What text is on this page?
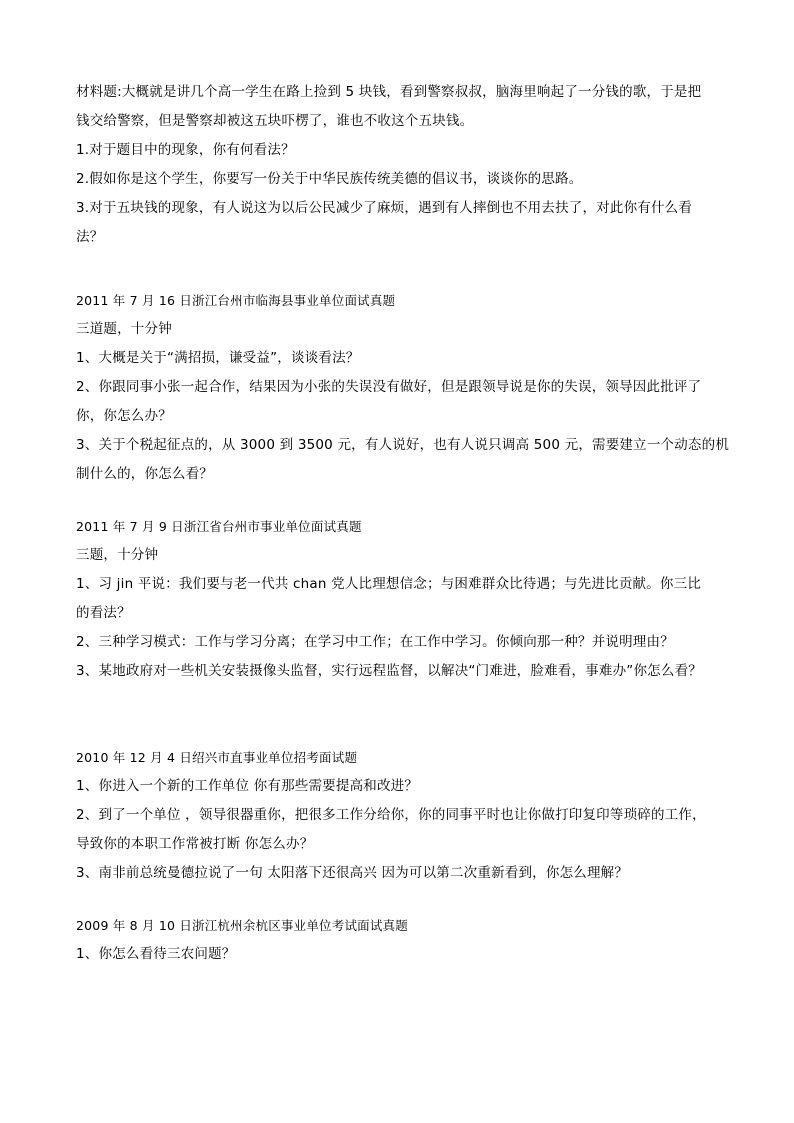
材料题:大概就是讲几个高一学生在路上捡到 5 块钱，看到警察叔叔，脑海里响起了一分钱的歌，于是把
钱交给警察，但是警察却被这五块吓楞了，谁也不收这个五块钱。
1.对于题目中的现象，你有何看法？
2.假如你是这个学生，你要写一份关于中华民族传统美德的倡议书，谈谈你的思路。
3.对于五块钱的现象，有人说这为以后公民减少了麻烦，遇到有人摔倒也不用去扶了，对此你有什么看
法？
2011 年 7 月 16 日浙江台州市临海县事业单位面试真题
三道题，十分钟
1、大概是关于“满招损，谦受益”，谈谈看法？
2、你跟同事小张一起合作，结果因为小张的失误没有做好，但是跟领导说是你的失误，领导因此批评了
你，你怎么办？
3、关于个税起征点的，从 3000 到 3500 元，有人说好，也有人说只调高 500 元，需要建立一个动态的机
制什么的，你怎么看？
2011 年 7 月 9 日浙江省台州市事业单位面试真题
三题，十分钟
1、习 jin 平说：我们要与老一代共 chan 党人比理想信念；与困难群众比待遇；与先进比贡献。你三比
的看法？
2、三种学习模式：工作与学习分离；在学习中工作；在工作中学习。你倾向那一种？并说明理由？
3、某地政府对一些机关安装摄像头监督，实行远程监督，以解决“门难进，脸难看，事难办”你怎么看？
2010 年 12 月 4 日绍兴市直事业单位招考面试题
1、你进入一个新的工作单位 你有那些需要提高和改进？
2、到了一个单位 ，领导很器重你，把很多工作分给你，你的同事平时也让你做打印复印等琐碎的工作，
导致你的本职工作常被打断 你怎么办？
3、南非前总统曼德拉说了一句 太阳落下还很高兴 因为可以第二次重新看到，你怎么理解？
2009 年 8 月 10 日浙江杭州余杭区事业单位考试面试真题
1、你怎么看待三农问题？
